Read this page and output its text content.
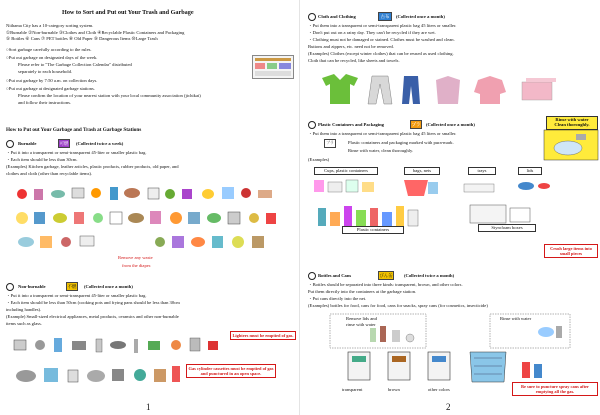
How to Sort and Put out Your Trash and Garbage
Niihama City has a 10-category sorting system.
①Burnable ②Non-burnable ③Clothes and Cloth ④Recyclable Plastic Containers and Packaging
⑤ Bottles ⑥ Cans ⑦ PET bottles ⑧ Old Paper ⑨ Dangerous Items ⑩Large Trash
○Sort garbage carefully according to the rules.
○Put out garbage on designated days of the week.
Please refer to "The Garbage Collection Calendar" distributed
separately to each household.
○Put out garbage by 7:50 a.m. on collection days.
○Put out garbage at designated garbage stations.
Please confirm the location of your nearest station with your local community association (jichikai)
and follow their instructions.
How to Put out Your Garbage and Trash at Garbage Stations
Burnable	可燃	(Collected twice a week)
・Put it into a transparent or semi-transparent 45-liter or smaller plastic bag.
・Each item should be less than 30cm.
(Examples) Kitchen garbage, leather articles, plastic products, rubber products, old paper, and
clothes and cloth (other than recyclable items).
Remove any waste
from the diaper.
Non-burnable	不燃	(Collected once a month)
・Put it into a transparent or semi-transparent 45-liter or smaller plastic bag.
・Each item should be less than 50cm (cooking pots and frying pans should be less than 30cm
including handles).
(Example) Small-sized electrical appliances, metal products, ceramics and other non-burnable
items such as glass.
Lighters must be emptied of gas.
Gas cylinder cassettes must be emptied of gas and punctured in an open space.
1
Cloth and Clothing	古布	(Collected once a month)
・Put them into a transparent or semi-transparent plastic bag 45 liters or smaller.
・Don't put out on a rainy day. They can't be recycled if they are wet.
・Clothing must not be damaged or stained. Clothes must be washed and clean.
Buttons and zippers, etc. need not be removed.
(Examples) Clothes (except winter clothes) that can be reused as used clothing.
Cloth that can be recycled, like sheets and towels.
Plastic Containers and Packaging	プラ	(Collected once a month)
・Put them into a transparent or semi-transparent plastic bag 45 liters or smaller.
プラ	Plastic containers and packaging marked with pura-mark.
Rinse with water, clean thoroughly.
(Examples)
Rinse with water
Clean thoroughly.
Cups, plastic containers	bags, nets	trays	lids
Plastic containers	Styrofoam boxes
Crush large items into small pieces
Bottles and Cans	びん缶	(Collected twice a month)
・Bottles should be separated into three kinds: transparent, brown, and other colors.
Put them directly into the containers at the garbage station.
・Put cans directly into the net.
(Examples) bottles for food, cans for food, cans for snacks, spray cans (for cosmetics, insecticide)
Remove lids and
rinse with water
Rinse with water
transparent	brown	other colors
Be sure to puncture spray cans after emptying all the gas.
2
